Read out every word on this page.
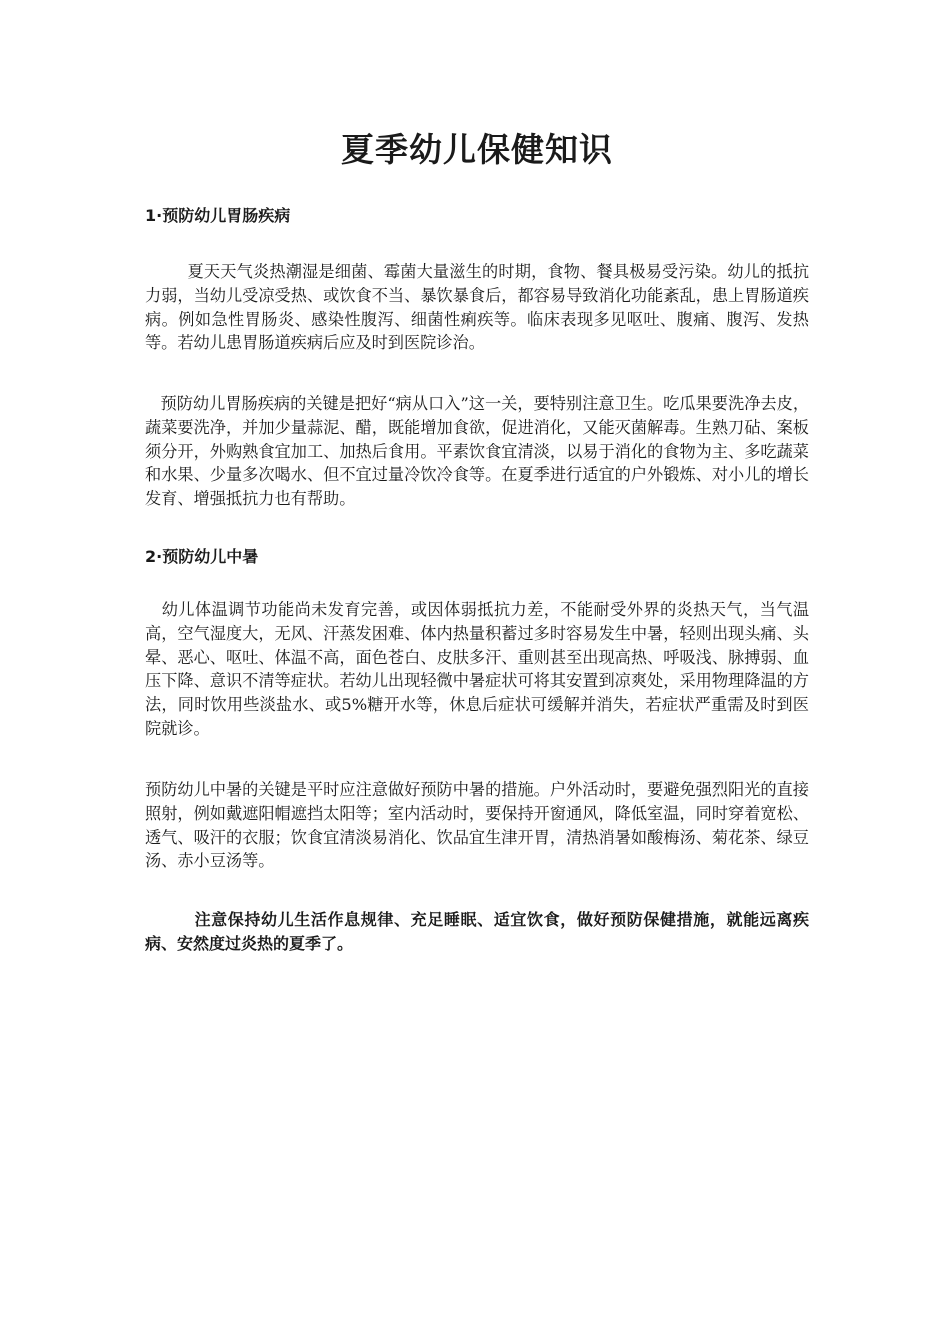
夏季幼儿保健知识
1·预防幼儿胃肠疾病

夏天天气炎热潮湿是细菌、霉菌大量滋生的时期，食物、餐具极易受污染。幼儿的抵抗力弱，当幼儿受凉受热、或饮食不当、暴饮暴食后，都容易导致消化功能紊乱，患上胃肠道疾病。例如急性胃肠炎、感染性腹泻、细菌性痢疾等。临床表现多见呕吐、腹痛、腹泻、发热等。若幼儿患胃肠道疾病后应及时到医院诊治。

预防幼儿胃肠疾病的关键是把好“病从口入”这一关，要特别注意卫生。吃瓜果要洗净去皮，蔬菜要洗净，并加少量蒜泥、醋，既能增加食欲，促进消化，又能灭菌解毒。生熟刀砧、案板须分开，外购熟食宜加工、加热后食用。平素饮食宜清淡，以易于消化的食物为主、多吃蔬菜和水果、少量多次喝水、但不宜过量冷饮冷食等。在夏季进行适宜的户外锻炼、对小儿的增长发育、增强抵抗力也有帮助。

2·预防幼儿中暑

幼儿体温调节功能尚未发育完善，或因体弱抵抗力差，不能耐受外界的炎热天气，当气温高，空气湿度大，无风、汗蒸发困难、体内热量积蓄过多时容易发生中暑，轻则出现头痛、头晕、恶心、呕吐、体温不高，面色苍白、皮肤多汗、重则甚至出现高热、呼吸浅、脉搏弱、血压下降、意识不清等症状。若幼儿出现轻微中暑症状可将其安置到凉爽处，采用物理降温的方法，同时饮用些淡盐水、或5%糖开水等，休息后症状可缓解并消失，若症状严重需及时到医院就诊。

预防幼儿中暑的关键是平时应注意做好预防中暑的措施。户外活动时，要避免强烈阳光的直接照射，例如戴遮阳帽遮挡太阳等；室内活动时，要保持开窗通风，降低室温，同时穿着宽松、透气、吸汗的衣服；饮食宜清淡易消化、饮品宜生津开胃，清热消暑如酸梅汤、菊花茶、绿豆汤、赤小豆汤等。

注意保持幼儿生活作息规律、充足睡眠、适宜饮食，做好预防保健措施，就能远离疾病、安然度过炎热的夏季了。
